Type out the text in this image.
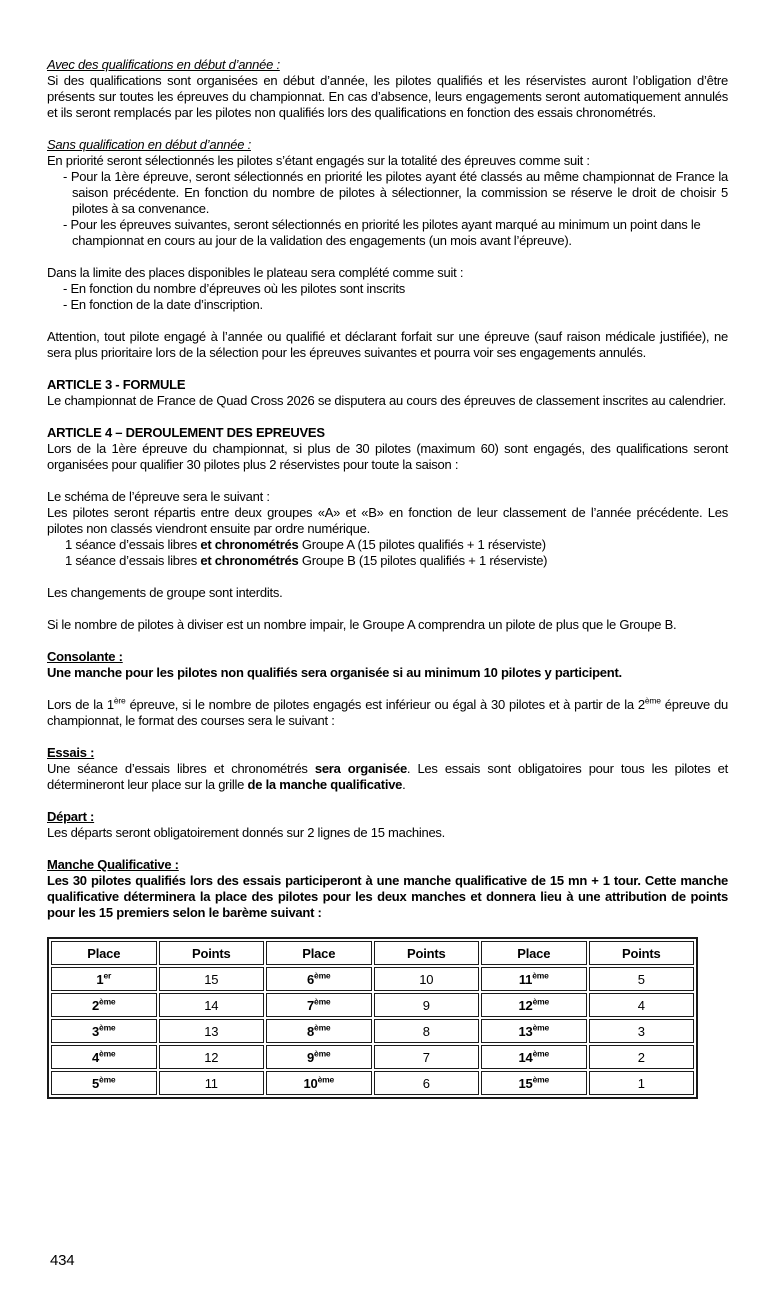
Avec des qualifications en début d’année :

Si des qualifications sont organisées en début d’année, les pilotes qualifiés et les réservistes auront l’obligation d’être présents sur toutes les épreuves du championnat. En cas d’absence, leurs engagements seront automatiquement annulés et ils seront remplacés par les pilotes non qualifiés lors des qualifications en fonction des essais chronométrés.

Sans qualification en début d’année :

En priorité seront sélectionnés les pilotes s’étant engagés sur la totalité des épreuves comme suit :

- Pour la 1ère épreuve, seront sélectionnés en priorité les pilotes ayant été classés au même championnat de France la saison précédente. En fonction du nombre de pilotes à sélectionner, la commission se réserve le droit de choisir 5 pilotes à sa convenance.

- Pour les épreuves suivantes, seront sélectionnés en priorité les pilotes ayant marqué au minimum un point dans le championnat en cours au jour de la validation des engagements (un mois avant l’épreuve).

Dans la limite des places disponibles le plateau sera complété comme suit :

- En fonction du nombre d’épreuves où les pilotes sont inscrits

- En fonction de la date d’inscription.

Attention, tout pilote engagé à l’année ou qualifié et déclarant forfait sur une épreuve (sauf raison médicale justifiée), ne sera plus prioritaire lors de la sélection pour les épreuves suivantes et pourra voir ses engagements annulés.

ARTICLE 3 - FORMULE

Le championnat de France de Quad Cross 2026 se disputera au cours des épreuves de classement inscrites au calendrier.

ARTICLE 4 – DEROULEMENT DES EPREUVES

Lors de la 1ère épreuve du championnat, si plus de 30 pilotes (maximum 60) sont engagés, des qualifications seront organisées pour qualifier 30 pilotes plus 2 réservistes pour toute la saison :

Le schéma de l’épreuve sera le suivant :

Les pilotes seront répartis entre deux groupes «A» et «B» en fonction de leur classement de l’année précédente. Les pilotes non classés viendront ensuite par ordre numérique.

1 séance d’essais libres et chronométrés Groupe A (15 pilotes qualifiés + 1 réserviste)

1 séance d’essais libres et chronométrés Groupe B (15 pilotes qualifiés + 1 réserviste)

Les changements de groupe sont interdits.

Si le nombre de pilotes à diviser est un nombre impair, le Groupe A comprendra un pilote de plus que le Groupe B.

Consolante :

Une manche pour les pilotes non qualifiés sera organisée si au minimum 10 pilotes y participent.

Lors de la 1ère épreuve, si le nombre de pilotes engagés est inférieur ou égal à 30 pilotes et à partir de la 2ème épreuve du championnat, le format des courses sera le suivant :

Essais :

Une séance d’essais libres et chronométrés sera organisée. Les essais sont obligatoires pour tous les pilotes et détermineront leur place sur la grille de la manche qualificative.

Départ :

Les départs seront obligatoirement donnés sur 2 lignes de 15 machines.

Manche Qualificative :

Les 30 pilotes qualifiés lors des essais participeront à une manche qualificative de 15 mn + 1 tour. Cette manche qualificative déterminera la place des pilotes pour les deux manches et donnera lieu à une attribution de points pour les 15 premiers selon le barème suivant :

Place	Points	Place	Points	Place	Points
1er	15	6ème	10	11ème	5
2ème	14	7ème	9	12ème	4
3ème	13	8ème	8	13ème	3
4ème	12	9ème	7	14ème	2
5ème	11	10ème	6	15ème	1
434
